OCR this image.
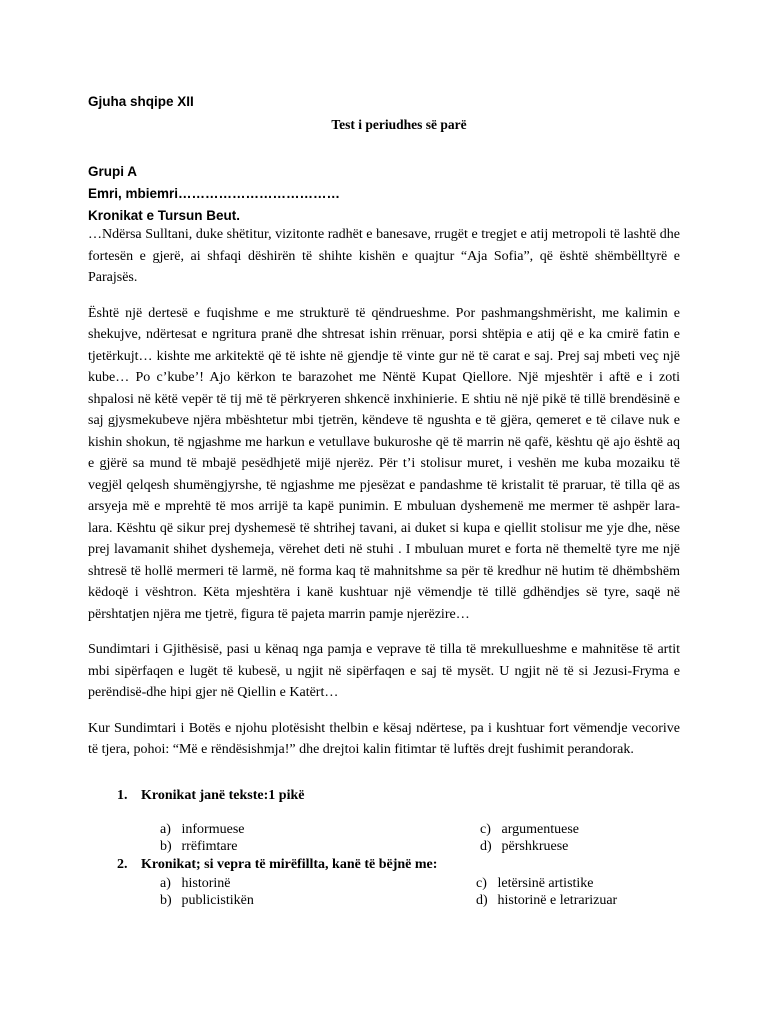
Gjuha shqipe XII
Test i periudhes së parë
Grupi A
Emri, mbiemri………………………………
Kronikat e Tursun Beut.

…Ndërsa Sulltani, duke shëtitur, vizitonte radhët e banesave, rrugët e tregjet e atij metropoli të lashtë dhe fortesën e gjerë, ai shfaqi dëshirën të shihte kishën e quajtur “Aja Sofia”, që është shëmbëlltyrë e Parajsës.

Është një dertesë e fuqishme e me strukturë të qëndrueshme. Por pashmangshmërisht, me kalimin e shekujve, ndërtesat e ngritura pranë dhe shtresat ishin rrënuar, porsi shtëpia e atij që e ka cmirë fatin e tjetërkujt… kishte me arkitektë që të ishte në gjendje të vinte gur në të carat e saj. Prej saj mbeti veç një kube… Po c’kube’! Ajo kërkon te barazohet me Nëntë Kupat Qiellore. Një mjeshtër i aftë e i zoti shpalosi në këtë vepër të tij më të përkryeren shkencë inxhinierie. E shtiu në një pikë të tillë brendësinë e saj gjysmekubeve njëra mbështetur mbi tjetrën, këndeve të ngushta e të gjëra, qemeret e të cilave nuk e kishin shokun, të ngjashme me harkun e vetullave bukuroshe që të marrin në qafë, kështu që ajo është aq e gjërë sa mund të mbajë pesëdhjetë mijë njerëz. Për t’i stolisur muret, i veshën me kuba mozaiku të vegjël qelqesh shumëngjyrshe, të ngjashme me pjesëzat e pandashme të kristalit të praruar, të tilla që as arsyeja më e mprehtë të mos arrijë ta kapë punimin. E mbuluan dyshemenë me mermer të ashpër lara-lara. Kështu që sikur prej dyshemesë të shtrihej tavani, ai duket si kupa e qiellit stolisur me yje dhe, nëse prej lavamanit shihet dyshemeja, vërehet deti në stuhi . I mbuluan muret e forta në themeltë tyre me një shtresë të hollë mermeri të larmë, në forma kaq të mahnitshme sa për të kredhur në hutim të dhëmbshëm këdoqë i vështron. Këta mjeshtëra i kanë kushtuar një vëmendje të tillë gdhëndjes së tyre, saqë në përshtatjen njëra me tjetrë, figura të pajeta marrin pamje njerëzire…

Sundimtari i Gjithësisë, pasi u kënaq nga pamja e veprave të tilla të mrekullueshme e mahnitëse të artit mbi sipërfaqen e lugët të kubesë, u ngjit në sipërfaqen e saj të mysët. U ngjit në të si Jezusi-Fryma e perëndisë-dhe hipi gjer në Qiellin e Katërt…

Kur Sundimtari i Botës e njohu plotësisht thelbin e kësaj ndërtese, pa i kushtuar fort vëmendje vecorive të tjera, pohoi: “Më e rëndësishmja!” dhe drejtoi kalin fitimtar të luftës drejt fushimit perandorak.

1. Kronikat janë tekste:1 pikë
a) informuese
b) rrëfimtare
c) argumentuese
d) përshkruese
2. Kronikat; si vepra të mirëfillta, kanë të bëjnë me:
a) historinë
b) publicistikën
c) letërsinë artistike
d) historinë e letrarizuar
